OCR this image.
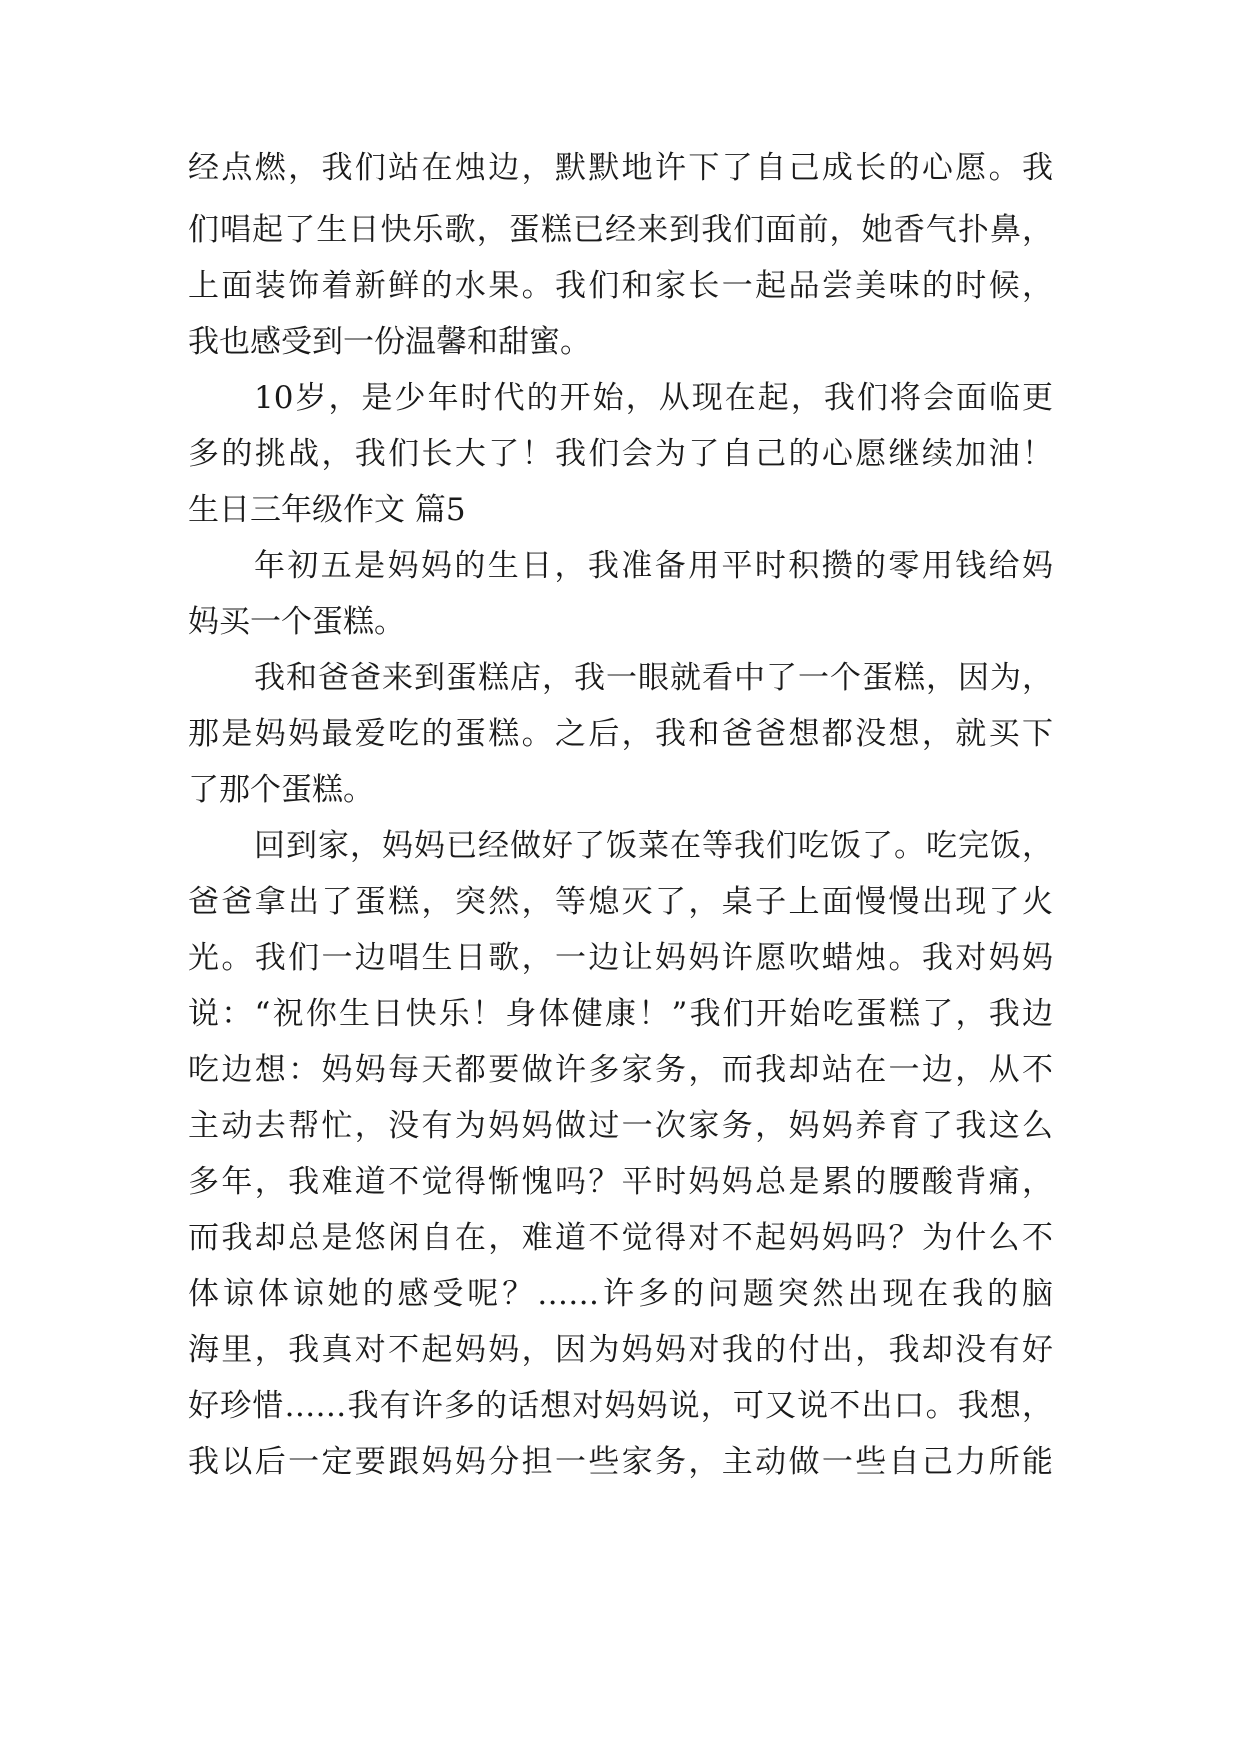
经点燃，我们站在烛边，默默地许下了自己成长的心愿。我
们唱起了生日快乐歌，蛋糕已经来到我们面前，她香气扑鼻，
上面装饰着新鲜的水果。我们和家长一起品尝美味的时候，
我也感受到一份温馨和甜蜜。
10岁，是少年时代的开始，从现在起，我们将会面临更
多的挑战，我们长大了！我们会为了自己的心愿继续加油！
生日三年级作文 篇5
年初五是妈妈的生日，我准备用平时积攒的零用钱给妈
妈买一个蛋糕。
我和爸爸来到蛋糕店，我一眼就看中了一个蛋糕，因为，
那是妈妈最爱吃的蛋糕。之后，我和爸爸想都没想，就买下
了那个蛋糕。
回到家，妈妈已经做好了饭菜在等我们吃饭了。吃完饭，
爸爸拿出了蛋糕，突然，等熄灭了，桌子上面慢慢出现了火
光。我们一边唱生日歌，一边让妈妈许愿吹蜡烛。我对妈妈
说：“祝你生日快乐！身体健康！”我们开始吃蛋糕了，我边
吃边想：妈妈每天都要做许多家务，而我却站在一边，从不
主动去帮忙，没有为妈妈做过一次家务，妈妈养育了我这么
多年，我难道不觉得惭愧吗？平时妈妈总是累的腰酸背痛，
而我却总是悠闲自在，难道不觉得对不起妈妈吗？为什么不
体谅体谅她的感受呢？……许多的问题突然出现在我的脑
海里，我真对不起妈妈，因为妈妈对我的付出，我却没有好
好珍惜……我有许多的话想对妈妈说，可又说不出口。我想，
我以后一定要跟妈妈分担一些家务，主动做一些自己力所能
